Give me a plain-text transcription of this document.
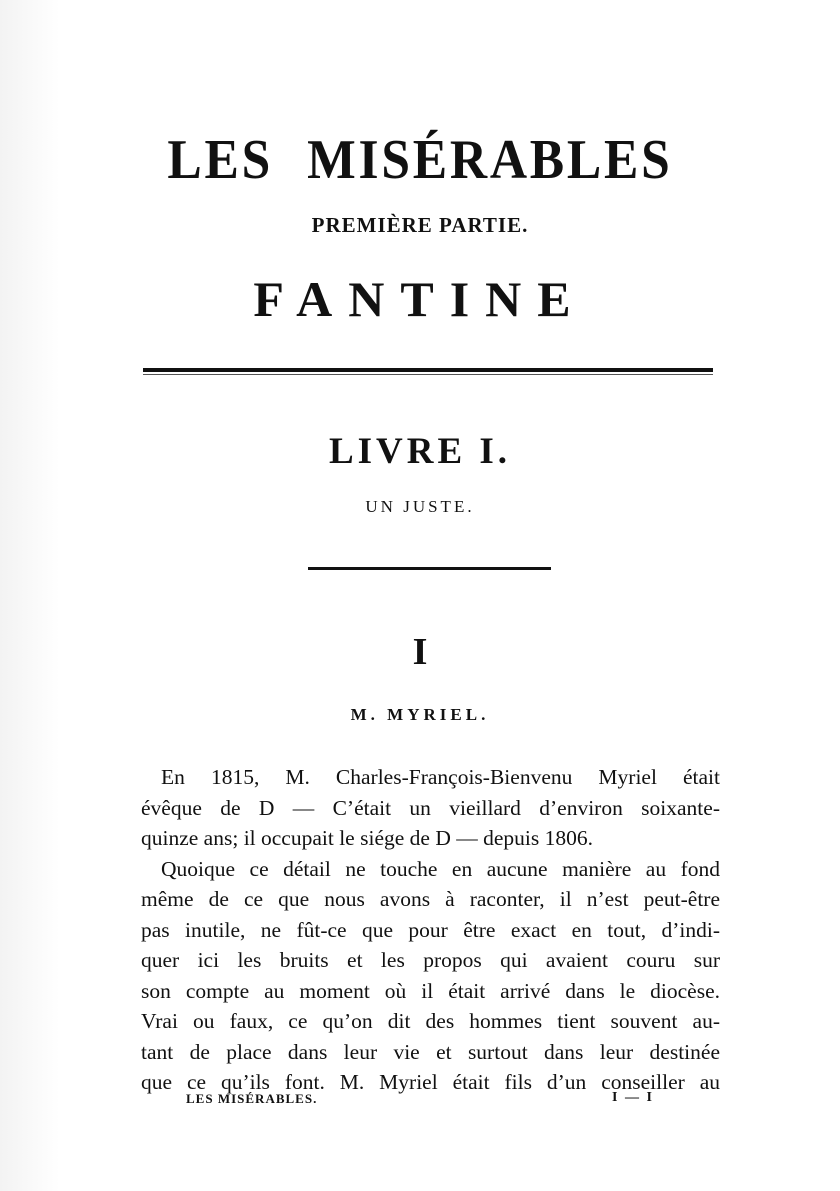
LES MISÉRABLES
PREMIÈRE PARTIE.
FANTINE
LIVRE I.
UN JUSTE.
I
M. MYRIEL.
En 1815, M. Charles-François-Bienvenu Myriel était
évêque de D — C’était un vieillard d’environ soixante-
quinze ans; il occupait le siége de D — depuis 1806.
Quoique ce détail ne touche en aucune manière au fond
même de ce que nous avons à raconter, il n’est peut-être
pas inutile, ne fût-ce que pour être exact en tout, d’indi-
quer ici les bruits et les propos qui avaient couru sur
son compte au moment où il était arrivé dans le diocèse.
Vrai ou faux, ce qu’on dit des hommes tient souvent au-
tant de place dans leur vie et surtout dans leur destinée
que ce qu’ils font. M. Myriel était fils d’un conseiller au
LES MISÉRABLES.	I — I
